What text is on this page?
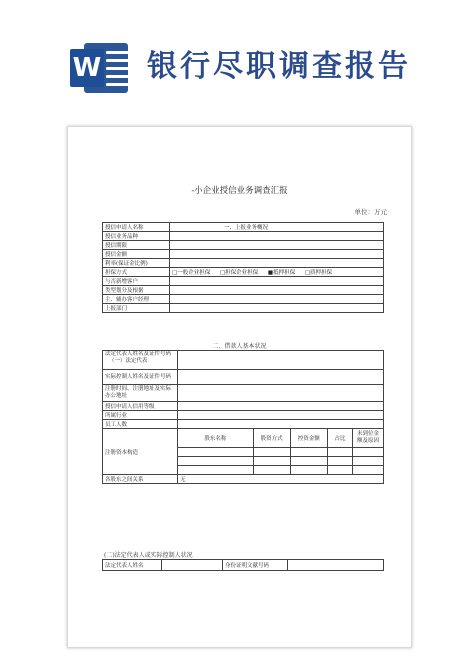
W 银行尽职调查报告
-小企业授信业务调查汇报
单位：万元
授信申请人名称	一、上报业务概况
授信业务品种	
授信期限	
授信金额	
利率(保证金比例)	
担保方式	□一般企业担保 □担保企业担保 ■抵押担保 □质押担保
与否新增客户	
类型划分及根据	
主、辅办客户经理	
上报部门	
二、借款人基本状况
法定代表人姓名及证件号码
（一）法定代表					

实际控制人姓名及证件号码					
注册时间、注册地址及实际办公地址					
授信申请人信用等级					
所属行业					
员工人数					
注册资本构造	股东名称	股资方式	控资金额	占比	未到位金额及原因

各股东之间关系	无				
(二)法定代表人或实际控制人状况
法定代表人姓名		身份证明文献号码	
